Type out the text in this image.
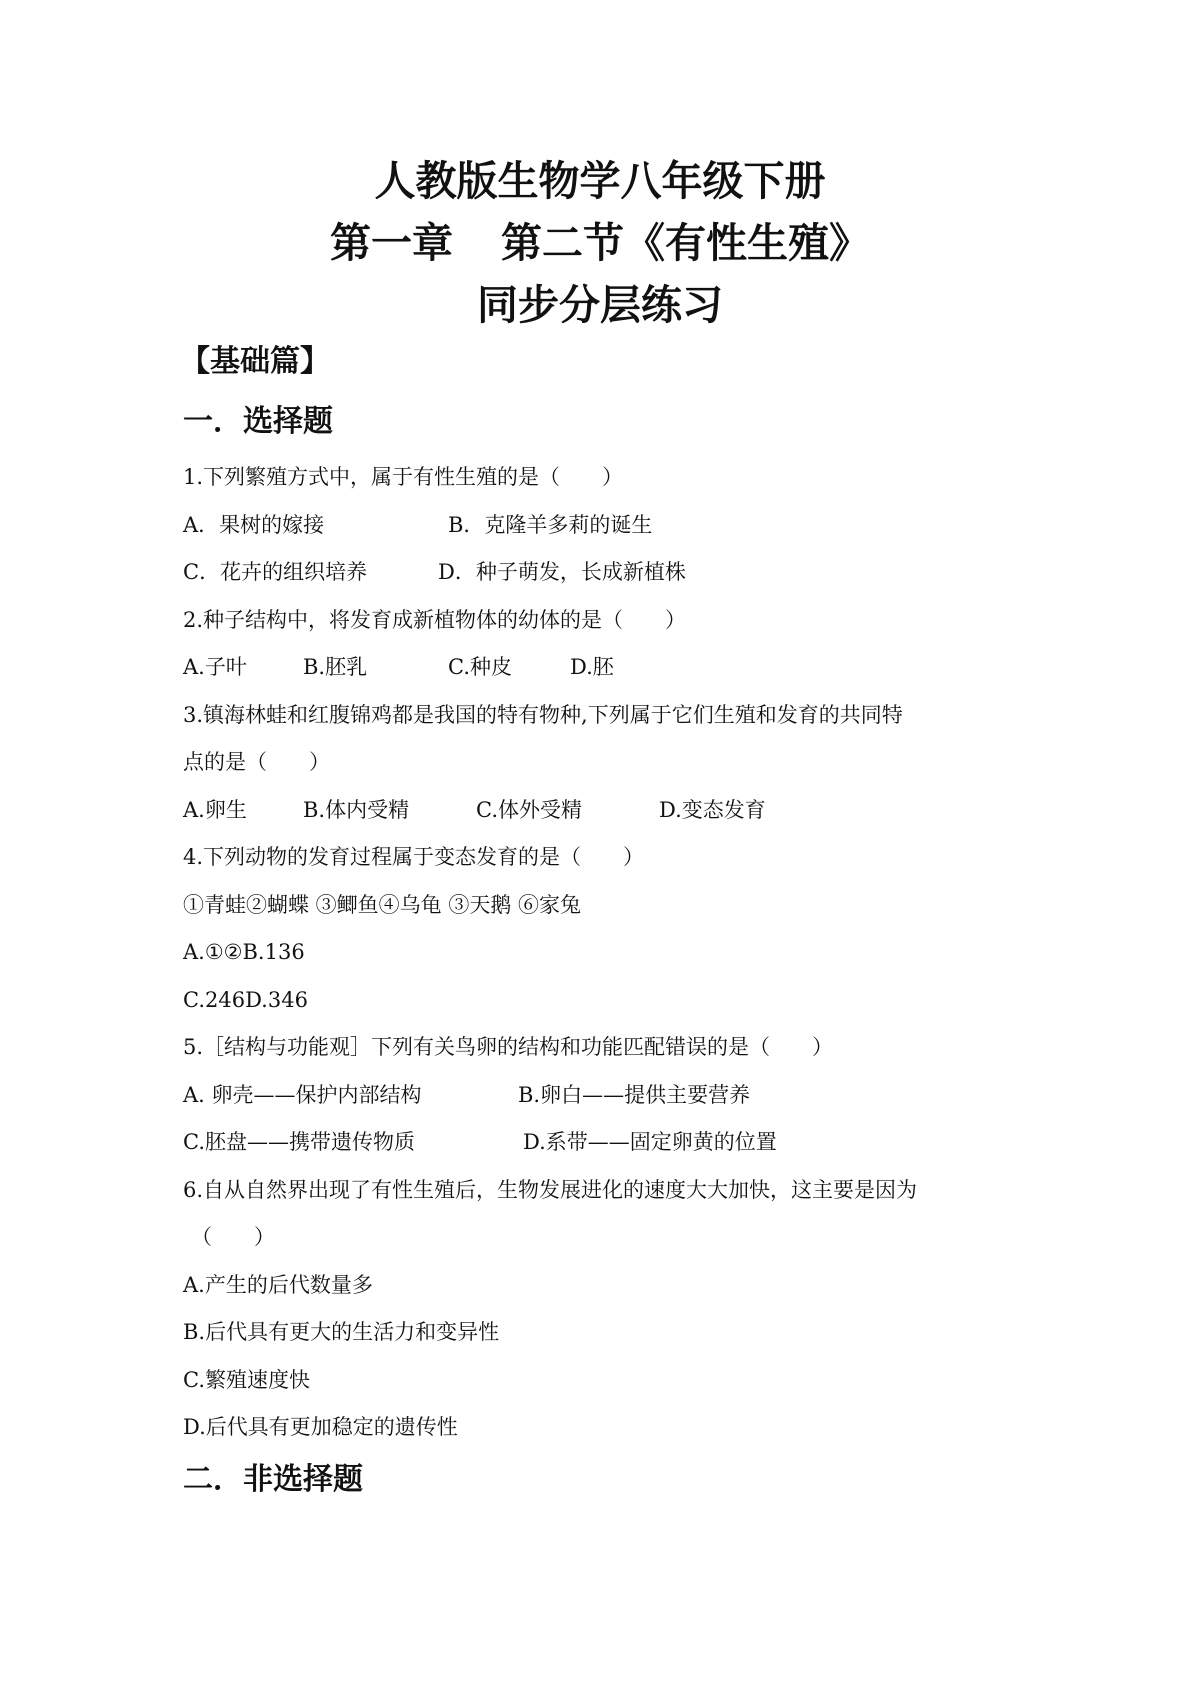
人教版生物学八年级下册
第一章 第二节《有性生殖》
同步分层练习
【基础篇】
一．选择题
1.下列繁殖方式中，属于有性生殖的是（　　）
A．果树的嫁接	B．克隆羊多莉的诞生
C．花卉的组织培养	D．种子萌发，长成新植株
2.种子结构中，将发育成新植物体的幼体的是（　　）
A.子叶	B.胚乳	C.种皮	D.胚
3.镇海林蛙和红腹锦鸡都是我国的特有物种,下列属于它们生殖和发育的共同特
点的是（　　）
A.卵生	B.体内受精	C.体外受精	D.变态发育
4.下列动物的发育过程属于变态发育的是（　　）
①青蛙②蝴蝶 ③鲫鱼④乌龟 ③天鹅 ⑥家兔
A.①②B.136
C.246D.346
5.［结构与功能观］下列有关鸟卵的结构和功能匹配错误的是（　　）
A. 卵壳——保护内部结构	B.卵白——提供主要营养
C.胚盘——携带遗传物质	D.系带——固定卵黄的位置
6.自从自然界出现了有性生殖后，生物发展进化的速度大大加快，这主要是因为
（　　）
A.产生的后代数量多
B.后代具有更大的生活力和变异性
C.繁殖速度快
D.后代具有更加稳定的遗传性
二．非选择题
